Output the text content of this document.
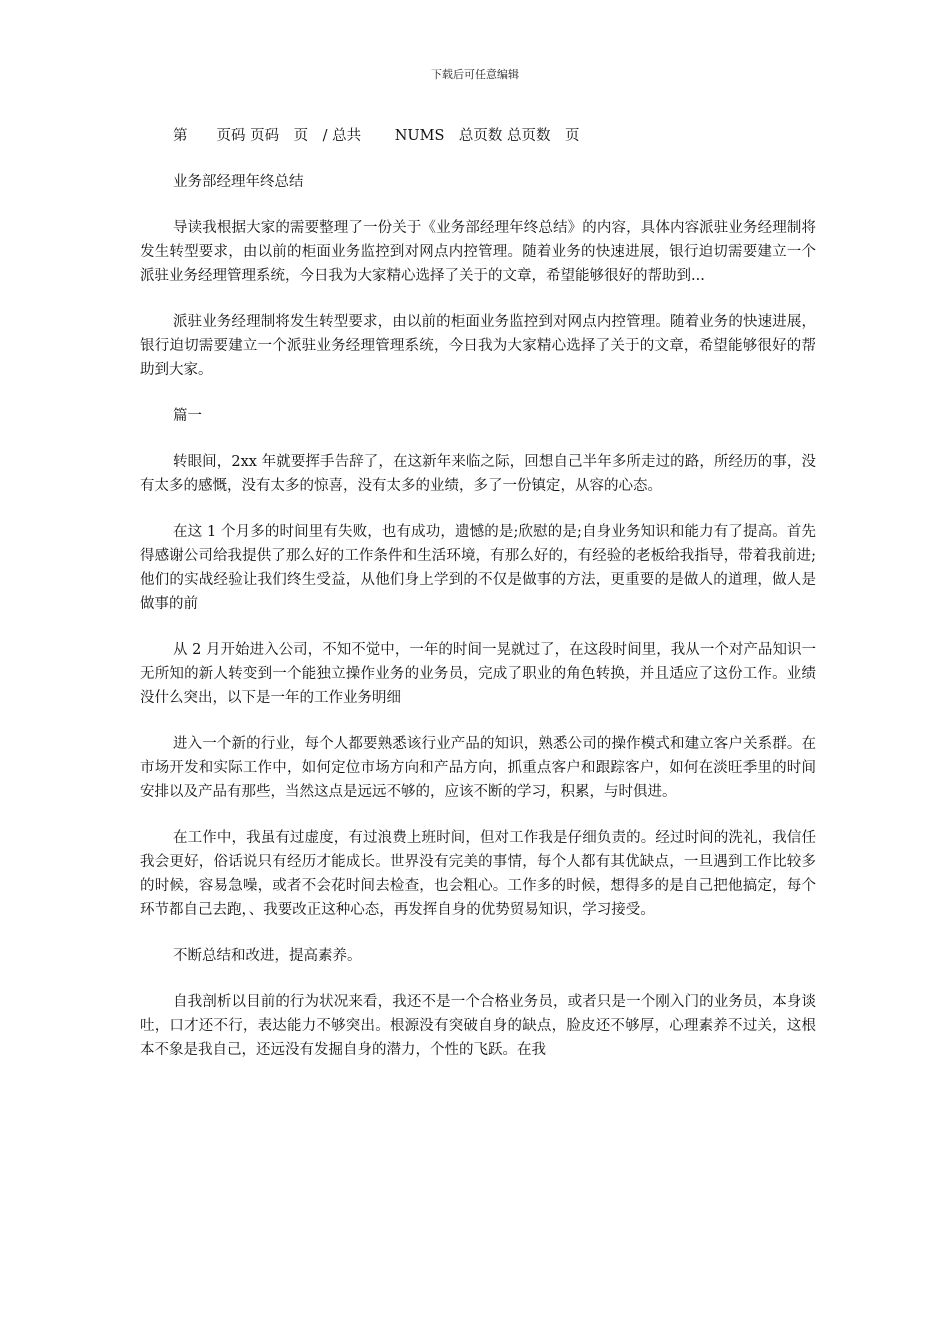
下载后可任意编辑
第　　页码 页码　页　/ 总共　　 NUMS　总页数 总页数　页
业务部经理年终总结

导读我根据大家的需要整理了一份关于《业务部经理年终总结》的内容，具体内容派驻业务经理制将发生转型要求，由以前的柜面业务监控到对网点内控管理。随着业务的快速进展，银行迫切需要建立一个派驻业务经理管理系统，今日我为大家精心选择了关于的文章，希望能够很好的帮助到...

派驻业务经理制将发生转型要求，由以前的柜面业务监控到对网点内控管理。随着业务的快速进展，银行迫切需要建立一个派驻业务经理管理系统，今日我为大家精心选择了关于的文章，希望能够很好的帮助到大家。

篇一

转眼间，2xx 年就要挥手告辞了，在这新年来临之际，回想自己半年多所走过的路，所经历的事，没有太多的感慨，没有太多的惊喜，没有太多的业绩，多了一份镇定，从容的心态。

在这 1 个月多的时间里有失败，也有成功，遗憾的是;欣慰的是;自身业务知识和能力有了提高。首先得感谢公司给我提供了那么好的工作条件和生活环境，有那么好的，有经验的老板给我指导，带着我前进;他们的实战经验让我们终生受益，从他们身上学到的不仅是做事的方法，更重要的是做人的道理，做人是做事的前

从 2 月开始进入公司，不知不觉中，一年的时间一晃就过了，在这段时间里，我从一个对产品知识一无所知的新人转变到一个能独立操作业务的业务员，完成了职业的角色转换，并且适应了这份工作。业绩没什么突出，以下是一年的工作业务明细

进入一个新的行业，每个人都要熟悉该行业产品的知识，熟悉公司的操作模式和建立客户关系群。在市场开发和实际工作中，如何定位市场方向和产品方向，抓重点客户和跟踪客户，如何在淡旺季里的时间安排以及产品有那些，当然这点是远远不够的，应该不断的学习，积累，与时俱进。

在工作中，我虽有过虚度，有过浪费上班时间，但对工作我是仔细负责的。经过时间的洗礼，我信任我会更好，俗话说只有经历才能成长。世界没有完美的事情，每个人都有其优缺点，一旦遇到工作比较多的时候，容易急噪，或者不会花时间去检查，也会粗心。工作多的时候，想得多的是自己把他搞定，每个环节都自己去跑，、我要改正这种心态，再发挥自身的优势贸易知识，学习接受。

不断总结和改进，提高素养。

自我剖析以目前的行为状况来看，我还不是一个合格业务员，或者只是一个刚入门的业务员，本身谈吐，口才还不行，表达能力不够突出。根源没有突破自身的缺点，脸皮还不够厚，心理素养不过关，这根本不象是我自己，还远没有发掘自身的潜力，个性的飞跃。在我
